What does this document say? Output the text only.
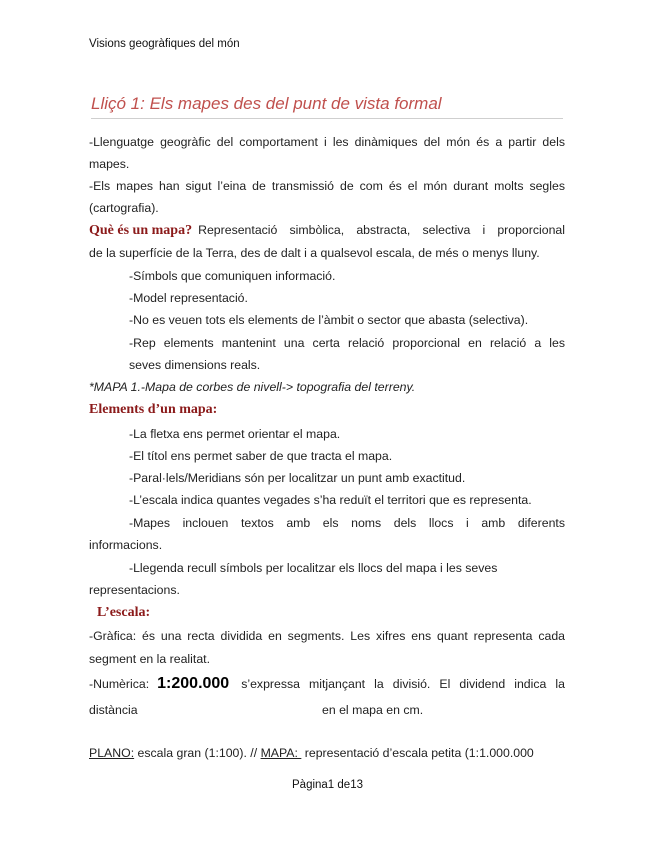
Visions geogràfiques del món
Lliçó 1: Els mapes des del punt de vista formal
-Llenguatge geogràfic del comportament i les dinàmiques del món és a partir dels
mapes.
-Els mapes han sigut l’eina de transmissió de com és el món durant molts segles
(cartografia).
Què és un mapa? Representació simbòlica, abstracta, selectiva i proporcional
de la superfície de la Terra, des de dalt i a qualsevol escala, de més o menys lluny.
-Símbols que comuniquen informació.
-Model representació.
-No es veuen tots els elements de l’àmbit o sector que abasta (selectiva).
-Rep elements mantenint una certa relació proporcional en relació a les
seves dimensions reals.
*MAPA 1.-Mapa de corbes de nivell-> topografia del terreny.
Elements d’un mapa:
-La fletxa ens permet orientar el mapa.
-El títol ens permet saber de que tracta el mapa.
-Paral·lels/Meridians són per localitzar un punt amb exactitud.
-L’escala indica quantes vegades s’ha reduït el territori que es representa.
-Mapes inclouen textos amb els noms dels llocs i amb diferents
informacions.
-Llegenda recull símbols per localitzar els llocs del mapa i les seves
representacions.
L’escala:
-Gràfica: és una recta dividida en segments. Les xifres ens quant representa cada
segment en la realitat.
-Numèrica: 1:200.000 s’expressa mitjançant la divisió. El dividend indica la
distància	en el mapa en cm.
PLANO: escala gran (1:100). // MAPA:  representació d’escala petita (1:1.000.000
Pàgina1 de13
